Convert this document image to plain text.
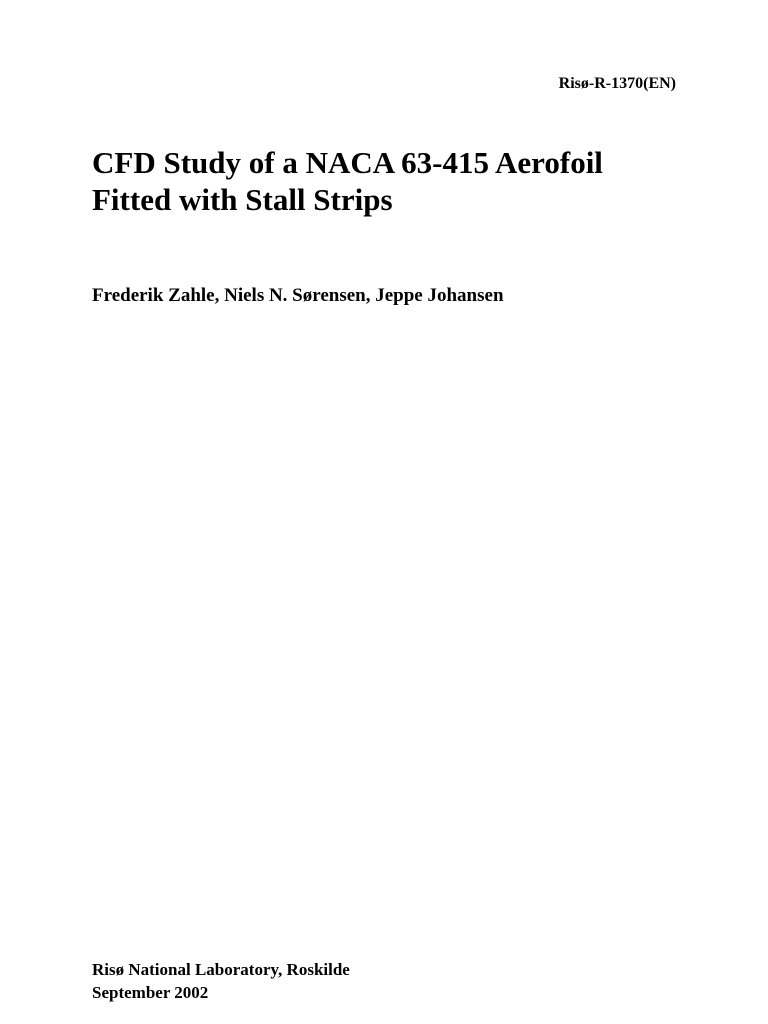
Risø-R-1370(EN)
CFD Study of a NACA 63-415 Aerofoil
Fitted with Stall Strips
Frederik Zahle, Niels N. Sørensen, Jeppe Johansen
Risø National Laboratory, Roskilde
September 2002
